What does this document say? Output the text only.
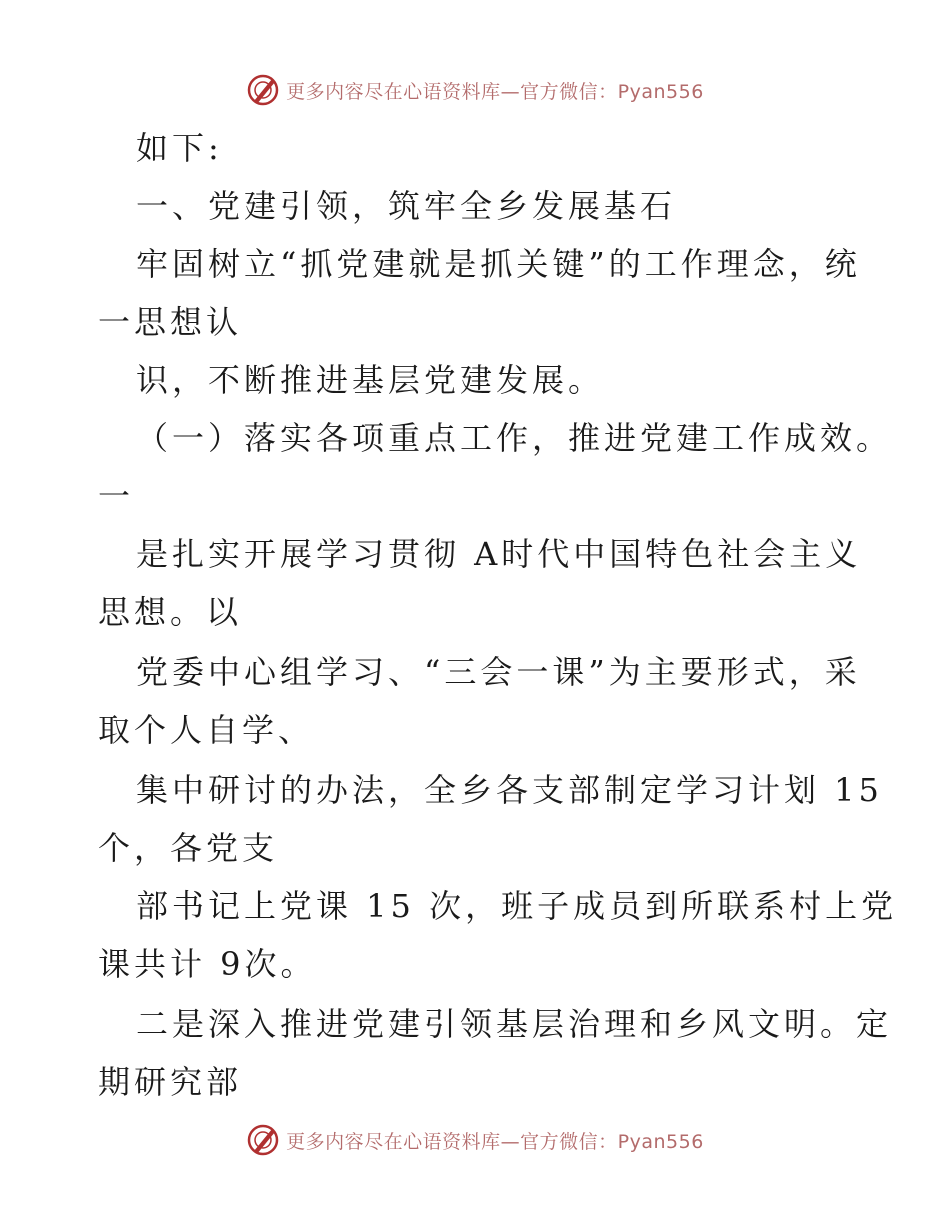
更多内容尽在心语资料库—官方微信：Pyan556
如下:
一、党建引领，筑牢全乡发展基石
牢固树立“抓党建就是抓关键”的工作理念，统
一思想认
识，不断推进基层党建发展。
（一）落实各项重点工作，推进党建工作成效。
一
是扎实开展学习贯彻 A时代中国特色社会主义
思想。以
党委中心组学习、“三会一课”为主要形式，采
取个人自学、
集中研讨的办法，全乡各支部制定学习计划 15
个，各党支
部书记上党课 15 次，班子成员到所联系村上党
课共计 9次。
二是深入推进党建引领基层治理和乡风文明。定
期研究部
更多内容尽在心语资料库—官方微信：Pyan556
